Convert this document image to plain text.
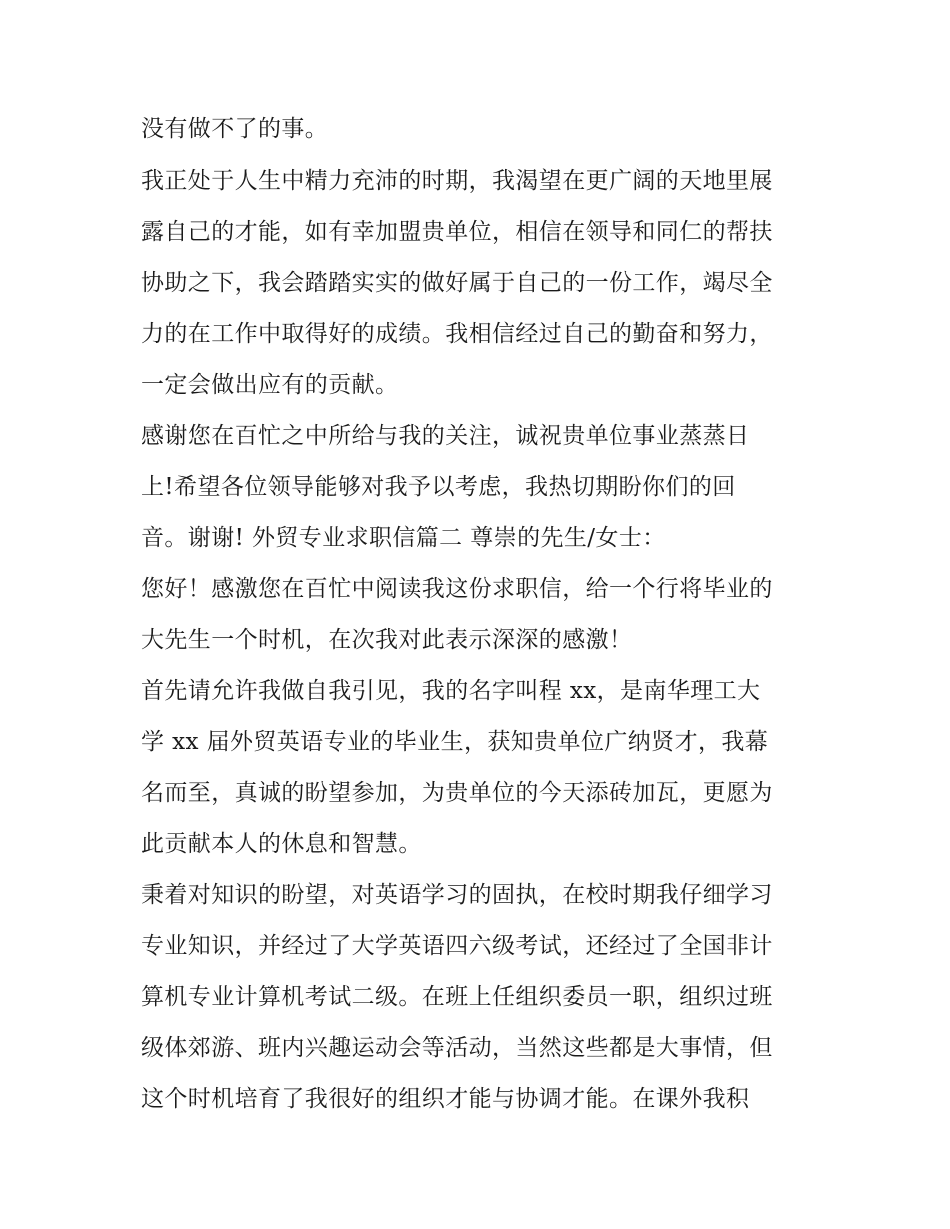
没有做不了的事。

我正处于人生中精力充沛的时期，我渴望在更广阔的天地里展

露自己的才能，如有幸加盟贵单位，相信在领导和同仁的帮扶

协助之下，我会踏踏实实的做好属于自己的一份工作，竭尽全

力的在工作中取得好的成绩。我相信经过自己的勤奋和努力，

一定会做出应有的贡献。

感谢您在百忙之中所给与我的关注，诚祝贵单位事业蒸蒸日

上!希望各位领导能够对我予以考虑，我热切期盼你们的回

音。谢谢! 外贸专业求职信篇二 尊崇的先生/女士：

您好！感激您在百忙中阅读我这份求职信，给一个行将毕业的

大先生一个时机，在次我对此表示深深的感激！

首先请允许我做自我引见，我的名字叫程 xx，是南华理工大

学 xx 届外贸英语专业的毕业生，获知贵单位广纳贤才，我幕

名而至，真诚的盼望参加，为贵单位的今天添砖加瓦，更愿为

此贡献本人的休息和智慧。

秉着对知识的盼望，对英语学习的固执，在校时期我仔细学习

专业知识，并经过了大学英语四六级考试，还经过了全国非计

算机专业计算机考试二级。在班上任组织委员一职，组织过班

级体郊游、班内兴趣运动会等活动，当然这些都是大事情，但

这个时机培育了我很好的组织才能与协调才能。在课外我积
